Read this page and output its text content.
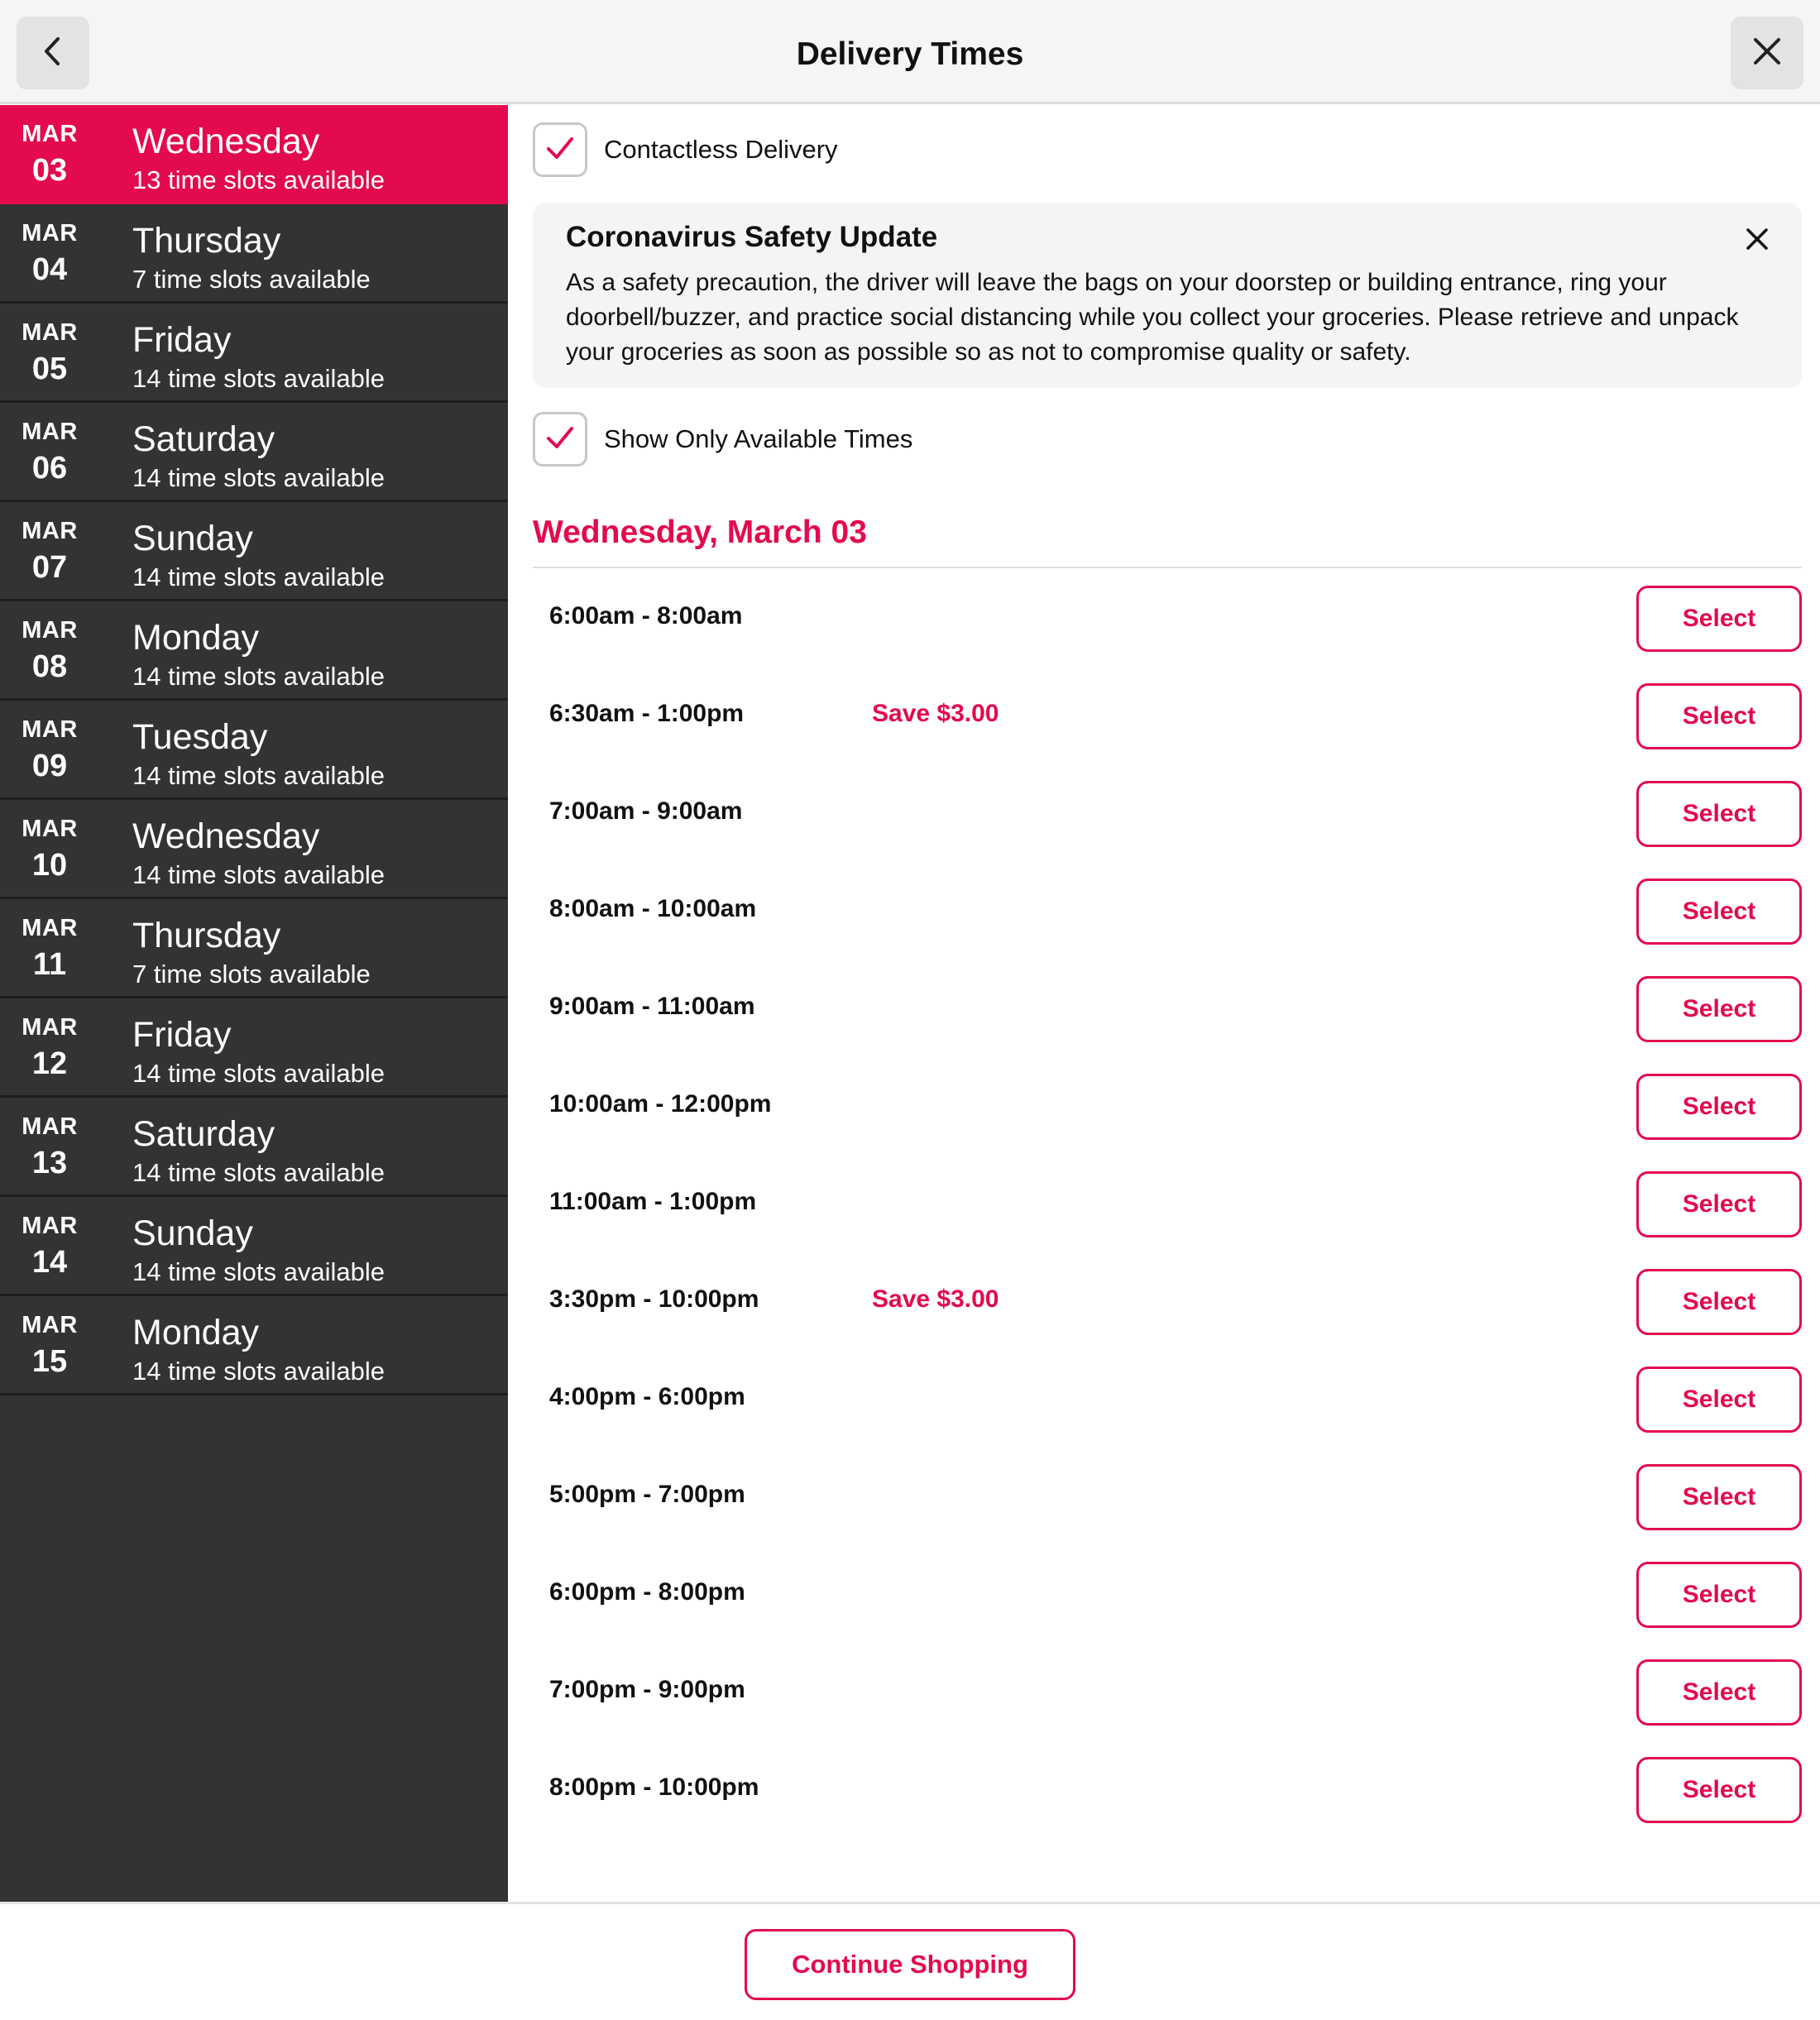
Delivery Times
MAR
03
Wednesday
13 time slots available
MAR
04
Thursday
7 time slots available
MAR
05
Friday
14 time slots available
MAR
06
Saturday
14 time slots available
MAR
07
Sunday
14 time slots available
MAR
08
Monday
14 time slots available
MAR
09
Tuesday
14 time slots available
MAR
10
Wednesday
14 time slots available
MAR
11
Thursday
7 time slots available
MAR
12
Friday
14 time slots available
MAR
13
Saturday
14 time slots available
MAR
14
Sunday
14 time slots available
MAR
15
Monday
14 time slots available
Contactless Delivery
Coronavirus Safety Update
As a safety precaution, the driver will leave the bags on your doorstep or building entrance, ring your doorbell/buzzer, and practice social distancing while you collect your groceries. Please retrieve and unpack your groceries as soon as possible so as not to compromise quality or safety.
Show Only Available Times
Wednesday, March 03
6:00am - 8:00am	Select
6:30am - 1:00pm	Save $3.00	Select
7:00am - 9:00am	Select
8:00am - 10:00am	Select
9:00am - 11:00am	Select
10:00am - 12:00pm	Select
11:00am - 1:00pm	Select
3:30pm - 10:00pm	Save $3.00	Select
4:00pm - 6:00pm	Select
5:00pm - 7:00pm	Select
6:00pm - 8:00pm	Select
7:00pm - 9:00pm	Select
8:00pm - 10:00pm	Select
Continue Shopping
